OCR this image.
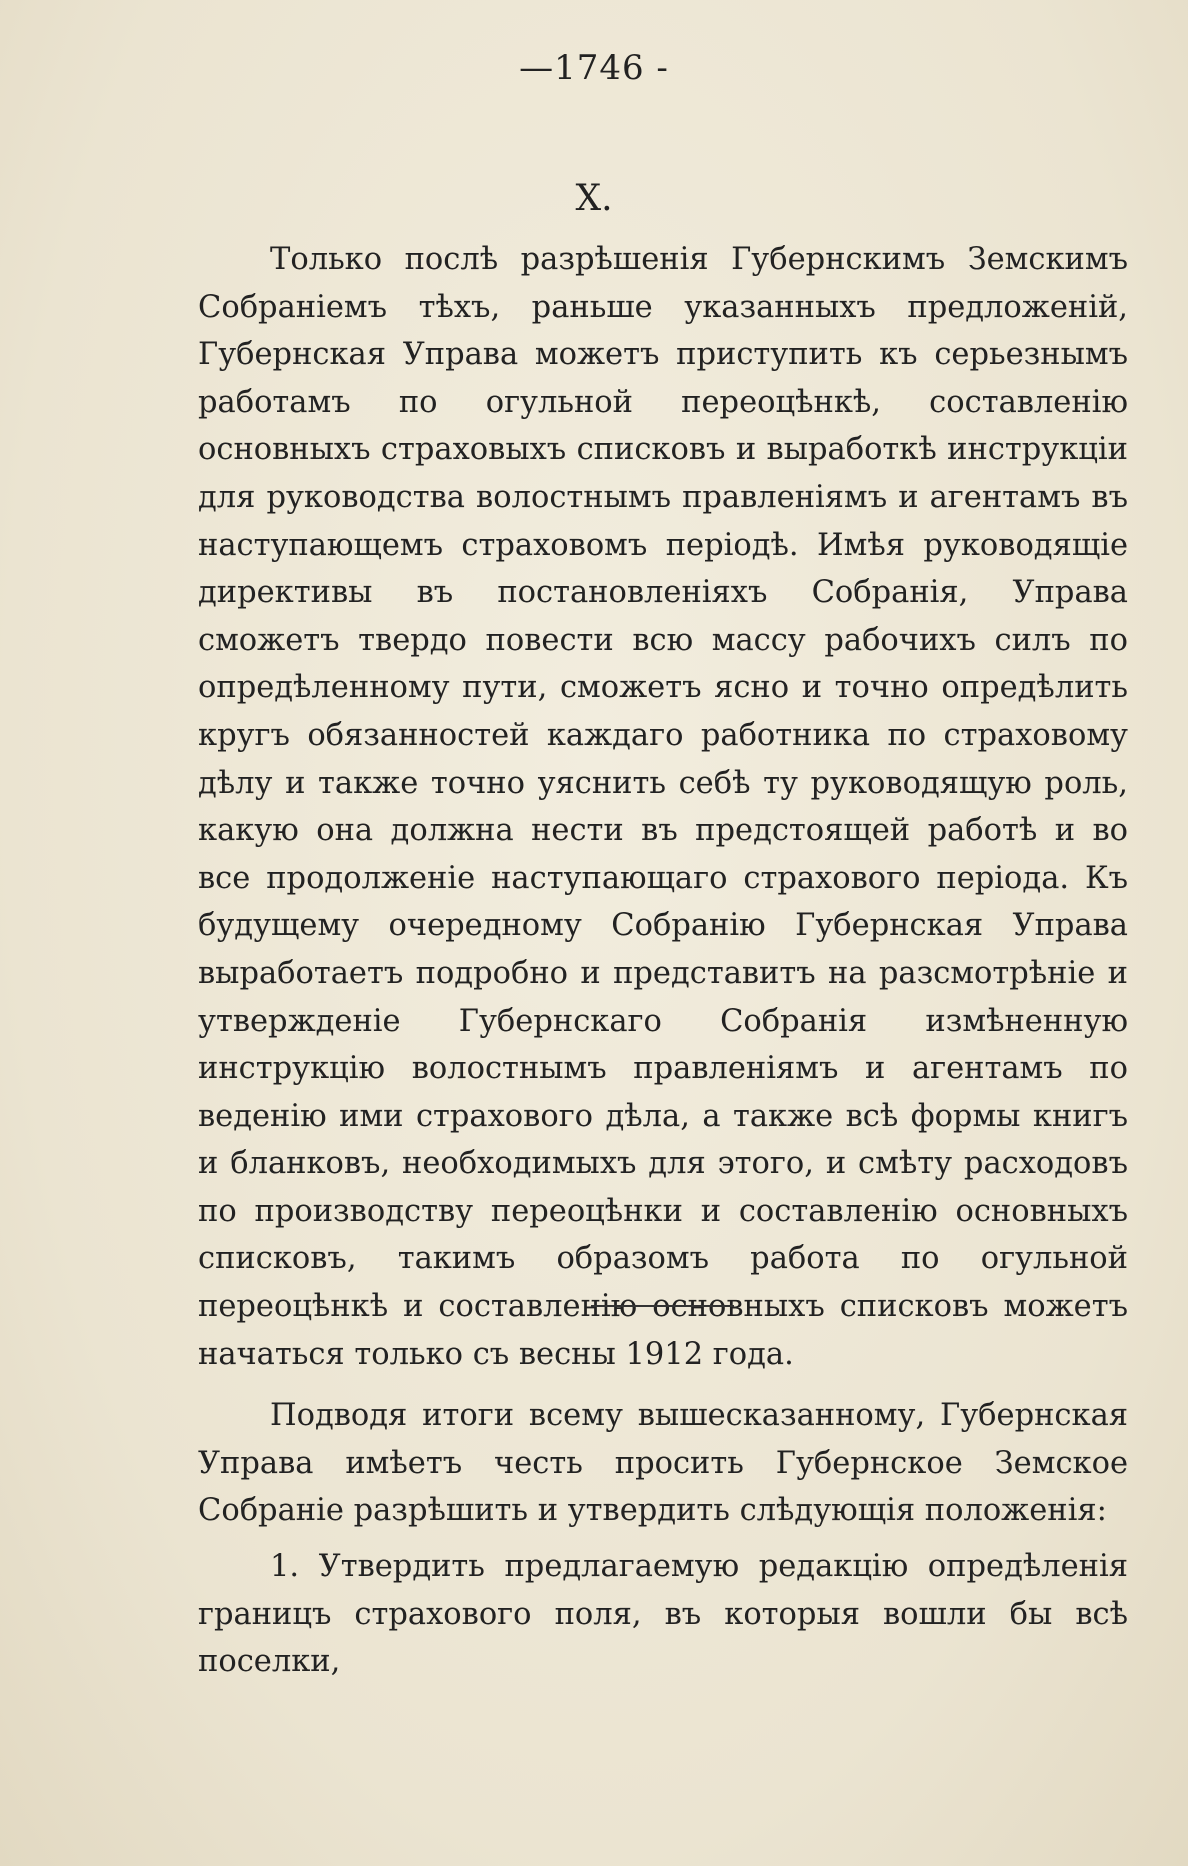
—1746 -
X.

Только послѣ разрѣшенія Губернскимъ Земскимъ Собраніемъ тѣхъ, раньше указанныхъ предложеній, Губернская Управа можетъ приступить къ серьезнымъ работамъ по огульной переоцѣнкѣ, составленію основныхъ страховыхъ списковъ и выработкѣ инструкціи для руководства волостнымъ правленіямъ и агентамъ въ наступающемъ страховомъ періодѣ. Имѣя руководящіе директивы въ постановленіяхъ Собранія, Управа сможетъ твердо повести всю массу рабочихъ силъ по опредѣленному пути, сможетъ ясно и точно опредѣлить кругъ обязанностей каждаго работника по страховому дѣлу и также точно уяснить себѣ ту руководящую роль, какую она должна нести въ предстоящей работѣ и во все продолженіе наступающаго страхового періода. Къ будущему очередному Собранію Губернская Управа выработаетъ подробно и представитъ на разсмотрѣніе и утвержденіе Губернскаго Собранія измѣненную инструкцію волостнымъ правленіямъ и агентамъ по веденію ими страхового дѣла, а также всѣ формы книгъ и бланковъ, необходимыхъ для этого, и смѣту расходовъ по производству переоцѣнки и составленію основныхъ списковъ, такимъ образомъ работа по огульной переоцѣнкѣ и составленію основныхъ списковъ можетъ начаться только съ весны 1912 года.

Подводя итоги всему вышесказанному, Губернская Управа имѣетъ честь просить Губернское Земское Собраніе разрѣшить и утвердить слѣдующія положенія:

1. Утвердить предлагаемую редакцію опредѣленія границъ страхового поля, въ которыя вошли бы всѣ поселки,
